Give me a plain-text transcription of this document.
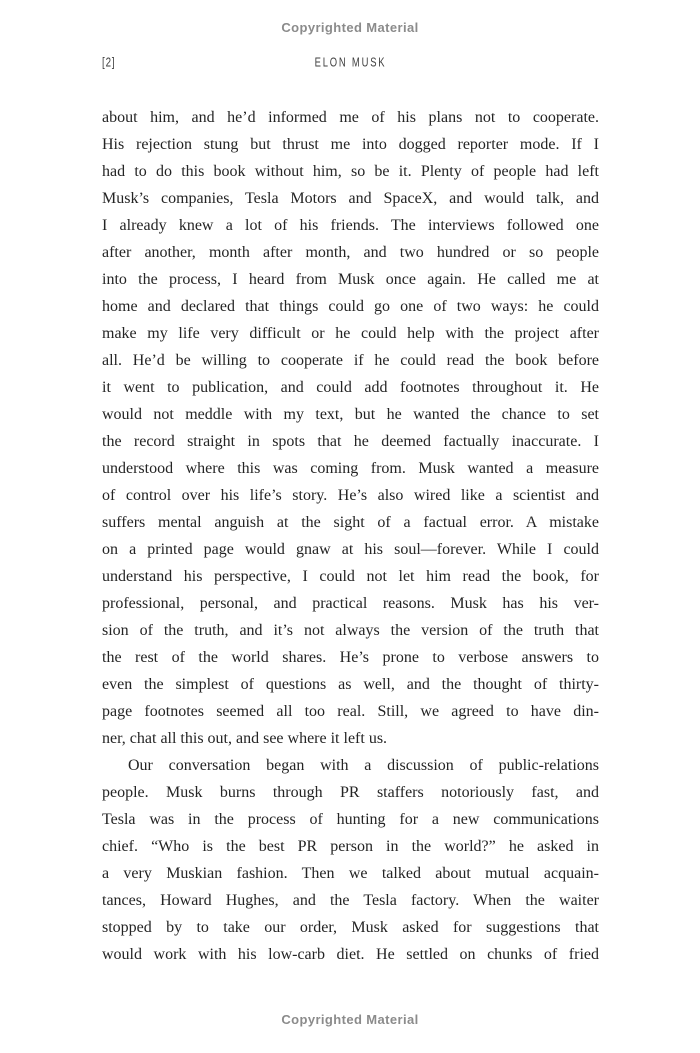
Copyrighted Material
[2]	ELON MUSK
about him, and he’d informed me of his plans not to cooperate.
His rejection stung but thrust me into dogged reporter mode. If I
had to do this book without him, so be it. Plenty of people had left
Musk’s companies, Tesla Motors and SpaceX, and would talk, and
I already knew a lot of his friends. The interviews followed one
after another, month after month, and two hundred or so people
into the process, I heard from Musk once again. He called me at
home and declared that things could go one of two ways: he could
make my life very difficult or he could help with the project after
all. He’d be willing to cooperate if he could read the book before
it went to publication, and could add footnotes throughout it. He
would not meddle with my text, but he wanted the chance to set
the record straight in spots that he deemed factually inaccurate. I
understood where this was coming from. Musk wanted a measure
of control over his life’s story. He’s also wired like a scientist and
suffers mental anguish at the sight of a factual error. A mistake
on a printed page would gnaw at his soul—forever. While I could
understand his perspective, I could not let him read the book, for
professional, personal, and practical reasons. Musk has his ver-
sion of the truth, and it’s not always the version of the truth that
the rest of the world shares. He’s prone to verbose answers to
even the simplest of questions as well, and the thought of thirty-
page footnotes seemed all too real. Still, we agreed to have din-
ner, chat all this out, and see where it left us.
Our conversation began with a discussion of public-relations
people. Musk burns through PR staffers notoriously fast, and
Tesla was in the process of hunting for a new communications
chief. “Who is the best PR person in the world?” he asked in
a very Muskian fashion. Then we talked about mutual acquain-
tances, Howard Hughes, and the Tesla factory. When the waiter
stopped by to take our order, Musk asked for suggestions that
would work with his low-carb diet. He settled on chunks of fried
Copyrighted Material
